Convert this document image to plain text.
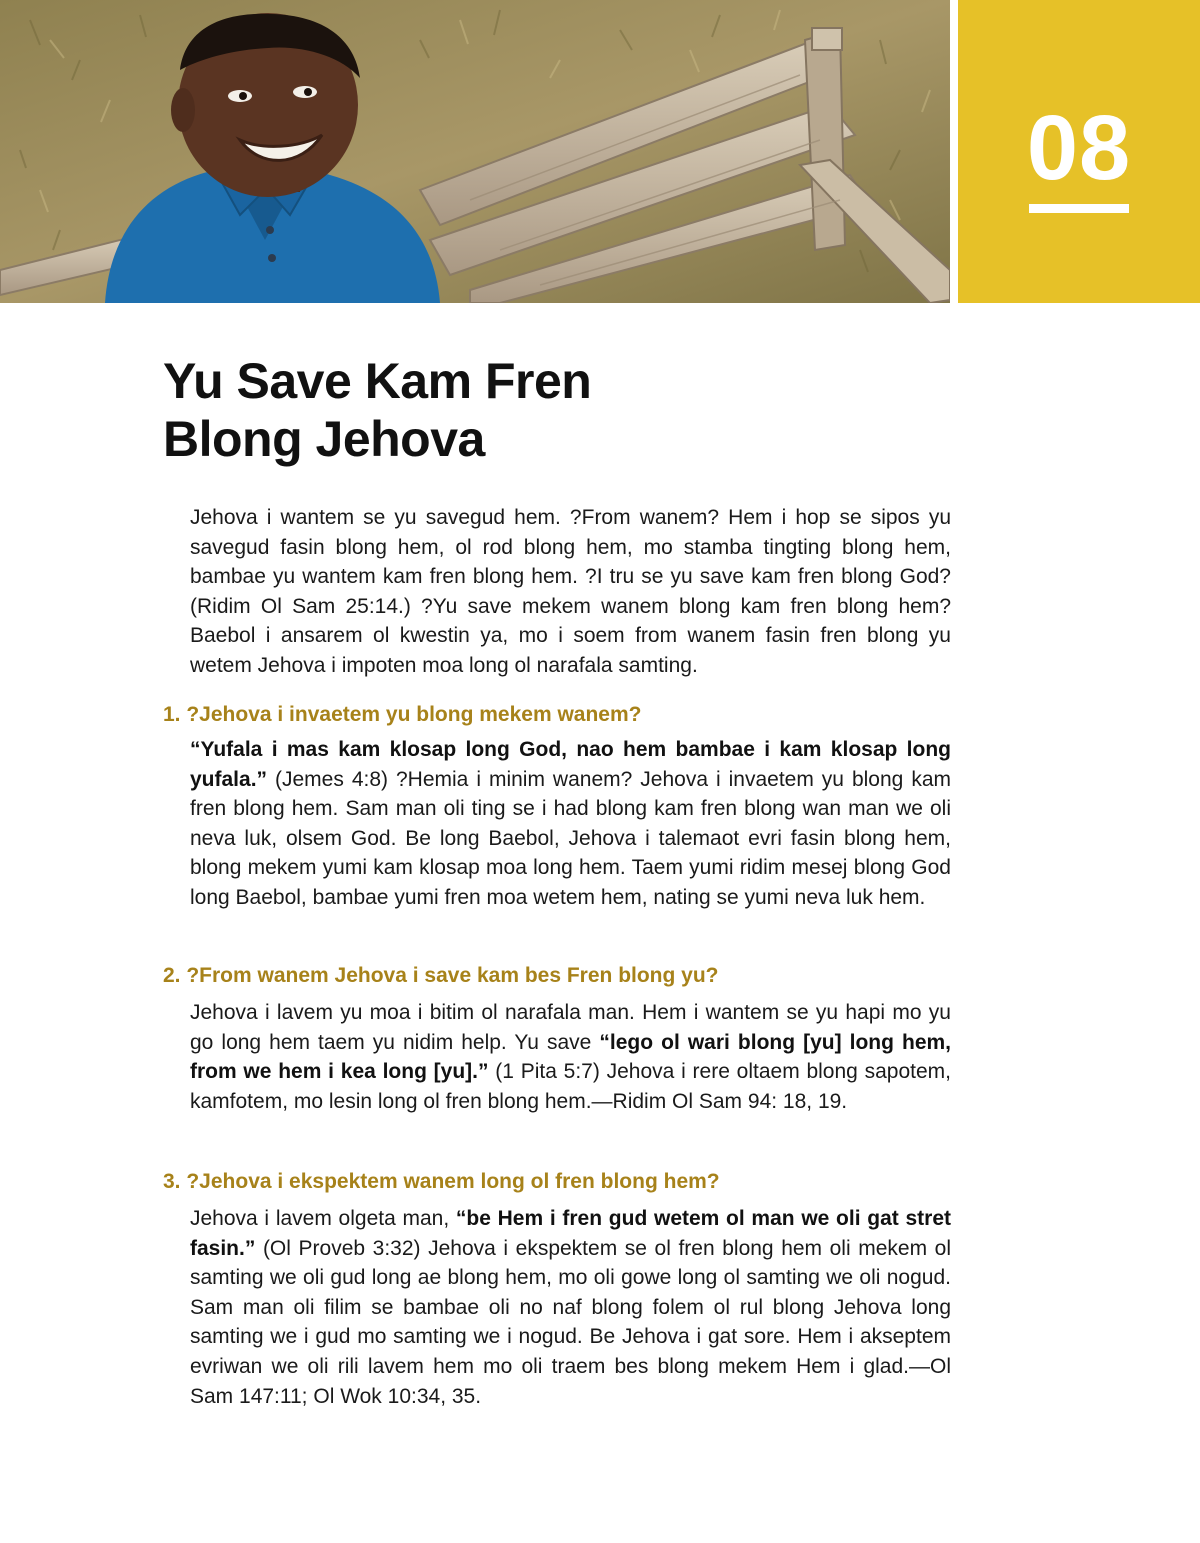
08
Yu Save Kam Fren
Blong Jehova

Jehova i wantem se yu savegud hem. ?From wanem? Hem i hop se sipos yu savegud fasin blong hem, ol rod blong hem, mo stamba tingting blong hem, bambae yu wantem kam fren blong hem. ?I tru se yu save kam fren blong God? (Ridim Ol Sam 25:14.) ?Yu save mekem wanem blong kam fren blong hem? Baebol i ansarem ol kwestin ya, mo i soem from wanem fasin fren blong yu wetem Jehova i impoten moa long ol narafala samting.

1. ?Jehova i invaetem yu blong mekem wanem?

“Yufala i mas kam klosap long God, nao hem bambae i kam klosap long yufala.” (Jemes 4:8) ?Hemia i minim wanem? Jehova i invaetem yu blong kam fren blong hem. Sam man oli ting se i had blong kam fren blong wan man we oli neva luk, olsem God. Be long Baebol, Jehova i talemaot evri fasin blong hem, blong mekem yumi kam klosap moa long hem. Taem yumi ridim mesej blong God long Baebol, bambae yumi fren moa wetem hem, nating se yumi neva luk hem.

2. ?From wanem Jehova i save kam bes Fren blong yu?

Jehova i lavem yu moa i bitim ol narafala man. Hem i wantem se yu hapi mo yu go long hem taem yu nidim help. Yu save “lego ol wari blong [yu] long hem, from we hem i kea long [yu].” (1 Pita 5:7) Jehova i rere oltaem blong sapotem, kamfotem, mo lesin long ol fren blong hem.—Ridim Ol Sam 94: 18, 19.

3. ?Jehova i ekspektem wanem long ol fren blong hem?

Jehova i lavem olgeta man, “be Hem i fren gud wetem ol man we oli gat stret fasin.” (Ol Proveb 3:32) Jehova i ekspektem se ol fren blong hem oli mekem ol samting we oli gud long ae blong hem, mo oli gowe long ol samting we oli nogud. Sam man oli filim se bambae oli no naf blong folem ol rul blong Jehova long samting we i gud mo samting we i nogud. Be Jehova i gat sore. Hem i akseptem evriwan we oli rili lavem hem mo oli traem bes blong mekem Hem i glad.—Ol Sam 147:11; Ol Wok 10:34, 35.
